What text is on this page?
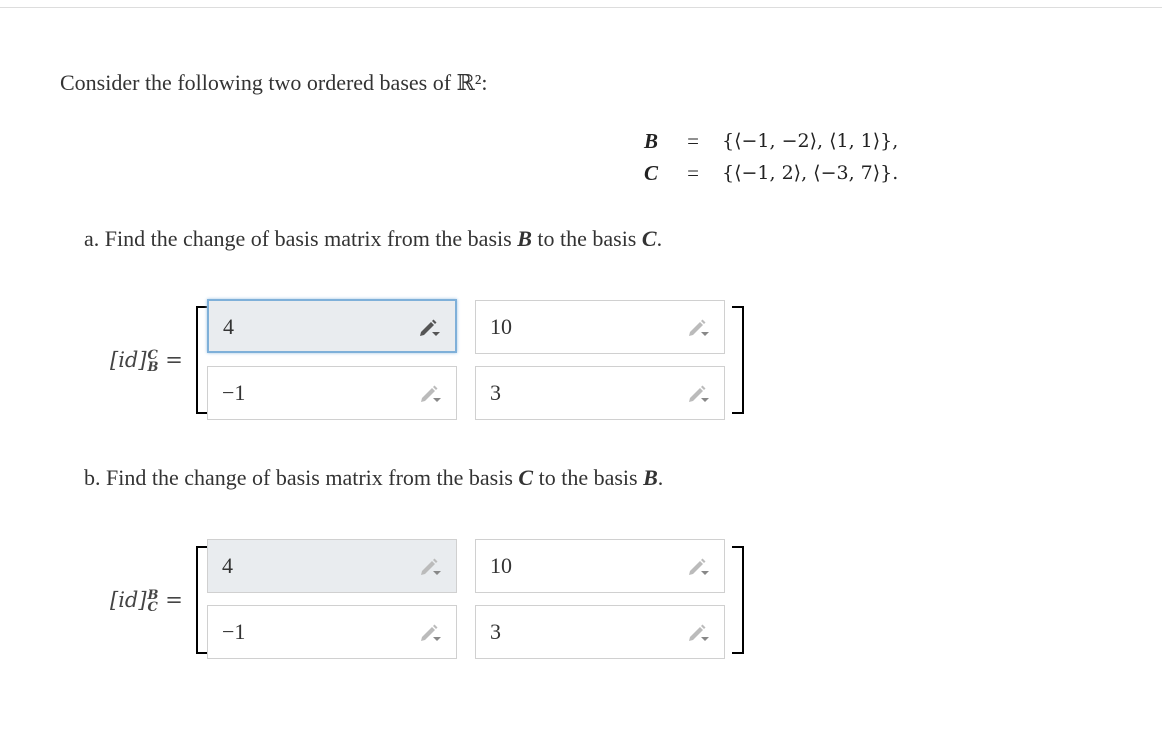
Consider the following two ordered bases of ℝ²:
B	=	{⟨−1, −2⟩, ⟨1, 1⟩},
C	=	{⟨−1, 2⟩, ⟨−3, 7⟩}.
a. Find the change of basis matrix from the basis B to the basis C.
[id] C
B =
4	10
−1	3
b. Find the change of basis matrix from the basis C to the basis B.
[id] B
C =
4	10
−1	3
